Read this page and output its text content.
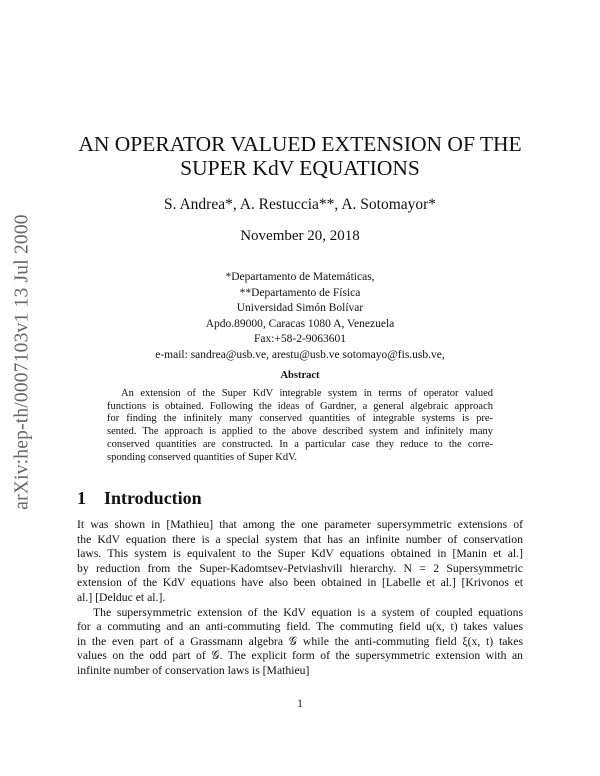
arXiv:hep-th/0007103v1 13 Jul 2000
AN OPERATOR VALUED EXTENSION OF THE
SUPER KdV EQUATIONS
S. Andrea*, A. Restuccia**, A. Sotomayor*
November 20, 2018
*Departamento de Matemáticas,
**Departamento de Física
Universidad Simón Bolívar
Apdo.89000, Caracas 1080 A, Venezuela
Fax:+58-2-9063601
e-mail: sandrea@usb.ve, arestu@usb.ve sotomayo@fis.usb.ve,
Abstract
An extension of the Super KdV integrable system in terms of operator valued
functions is obtained. Following the ideas of Gardner, a general algebraic approach
for finding the infinitely many conserved quantities of integrable systems is pre-
sented. The approach is applied to the above described system and infinitely many
conserved quantities are constructed. In a particular case they reduce to the corre-
sponding conserved quantities of Super KdV.
1 Introduction
It was shown in [Mathieu] that among the one parameter supersymmetric extensions of
the KdV equation there is a special system that has an infinite number of conservation
laws. This system is equivalent to the Super KdV equations obtained in [Manin et al.]
by reduction from the Super-Kadomtsev-Petviashvili hierarchy. N = 2 Supersymmetric
extension of the KdV equations have also been obtained in [Labelle et al.] [Krivonos et
al.] [Delduc et al.].
The supersymmetric extension of the KdV equation is a system of coupled equations
for a commuting and an anti-commuting field. The commuting field u(x, t) takes values
in the even part of a Grassmann algebra 𝒢 while the anti-commuting field ξ(x, t) takes
values on the odd part of 𝒢. The explicit form of the supersymmetric extension with an
infinite number of conservation laws is [Mathieu]
1
